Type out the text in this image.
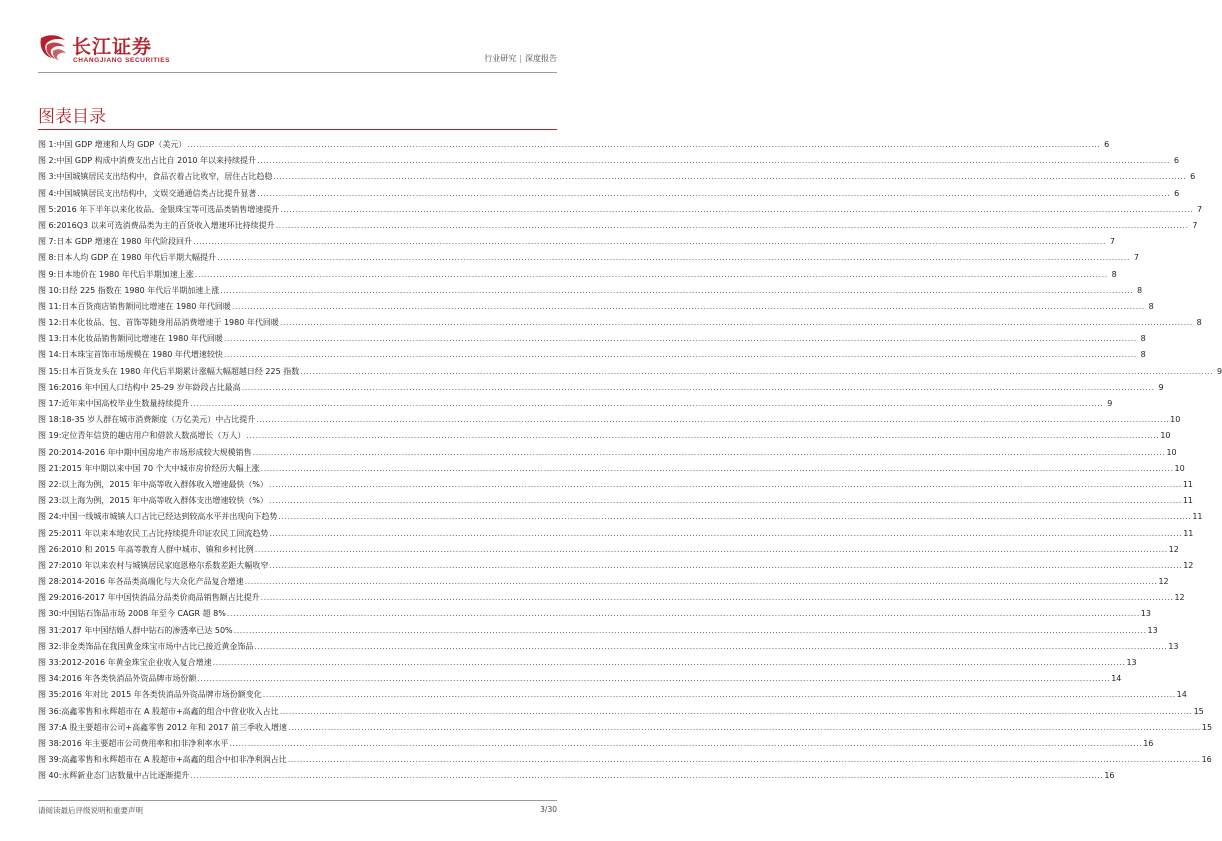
长江证券
CHANGJIANG SECURITIES	行业研究 | 深度报告
图表目录
图 1: 中国 GDP 增速和人均 GDP（美元） ............................................................................................................................................................................................................................................................................................................ 6
图 2: 中国 GDP 构成中消费支出占比自 2010 年以来持续提升 ............................................................................................................................................................................................................................................................................................................ 6
图 3: 中国城镇居民支出结构中，食品衣着占比收窄，居住占比趋稳 ............................................................................................................................................................................................................................................................................................................ 6
图 4: 中国城镇居民支出结构中，文娱交通通信类占比提升显著 ............................................................................................................................................................................................................................................................................................................ 6
图 5: 2016 年下半年以来化妆品、金银珠宝等可选品类销售增速提升 ............................................................................................................................................................................................................................................................................................................ 7
图 6: 2016Q3 以来可选消费品类为主的百货收入增速环比持续提升 ............................................................................................................................................................................................................................................................................................................ 7
图 7: 日本 GDP 增速在 1980 年代阶段回升 ............................................................................................................................................................................................................................................................................................................ 7
图 8: 日本人均 GDP 在 1980 年代后半期大幅提升 ............................................................................................................................................................................................................................................................................................................ 7
图 9: 日本地价在 1980 年代后半期加速上涨 ............................................................................................................................................................................................................................................................................................................ 8
图 10: 日经 225 指数在 1980 年代后半期加速上涨 ............................................................................................................................................................................................................................................................................................................ 8
图 11: 日本百货商店销售额同比增速在 1980 年代回暖 ............................................................................................................................................................................................................................................................................................................ 8
图 12: 日本化妆品、包、首饰等随身用品消费增速于 1980 年代回暖 ............................................................................................................................................................................................................................................................................................................ 8
图 13: 日本化妆品销售额同比增速在 1980 年代回暖 ............................................................................................................................................................................................................................................................................................................ 8
图 14: 日本珠宝首饰市场规模在 1980 年代增速较快 ............................................................................................................................................................................................................................................................................................................ 8
图 15: 日本百货龙头在 1980 年代后半期累计涨幅大幅超越日经 225 指数 ............................................................................................................................................................................................................................................................................................................ 9
图 16: 2016 年中国人口结构中 25-29 岁年龄段占比最高 ............................................................................................................................................................................................................................................................................................................ 9
图 17: 近年来中国高校毕业生数量持续提升 ............................................................................................................................................................................................................................................................................................................ 9
图 18: 18-35 岁人群在城市消费额度（万亿美元）中占比提升 ............................................................................................................................................................................................................................................................................................................ 10
图 19: 定位青年信贷的趣店用户和借款人数高增长（万人） ............................................................................................................................................................................................................................................................................................................ 10
图 20: 2014-2016 年中期中国房地产市场形成较大规模销售 ............................................................................................................................................................................................................................................................................................................ 10
图 21: 2015 年中期以来中国 70 个大中城市房价经历大幅上涨 ............................................................................................................................................................................................................................................................................................................ 10
图 22: 以上海为例，2015 年中高等收入群体收入增速最快（%） ............................................................................................................................................................................................................................................................................................................ 11
图 23: 以上海为例，2015 年中高等收入群体支出增速较快（%） ............................................................................................................................................................................................................................................................................................................ 11
图 24: 中国一线城市城镇人口占比已经达到较高水平并出现向下趋势 ............................................................................................................................................................................................................................................................................................................ 11
图 25: 2011 年以来本地农民工占比持续提升印证农民工回流趋势 ............................................................................................................................................................................................................................................................................................................ 11
图 26: 2010 和 2015 年高等教育人群中城市、镇和乡村比例 ............................................................................................................................................................................................................................................................................................................ 12
图 27: 2010 年以来农村与城镇居民家庭恩格尔系数差距大幅收窄 ............................................................................................................................................................................................................................................................................................................ 12
图 28: 2014-2016 年各品类高端化与大众化产品复合增速 ............................................................................................................................................................................................................................................................................................................ 12
图 29: 2016-2017 年中国快消品分品类价商品销售额占比提升 ............................................................................................................................................................................................................................................................................................................ 12
图 30: 中国钻石饰品市场 2008 年至今 CAGR 超 8% ............................................................................................................................................................................................................................................................................................................ 13
图 31: 2017 年中国结婚人群中钻石的渗透率已达 50% ............................................................................................................................................................................................................................................................................................................ 13
图 32: 非金类饰品在我国黄金珠宝市场中占比已接近黄金饰品 ............................................................................................................................................................................................................................................................................................................ 13
图 33: 2012-2016 年黄金珠宝企业收入复合增速 ............................................................................................................................................................................................................................................................................................................ 13
图 34: 2016 年各类快消品外资品牌市场份额 ............................................................................................................................................................................................................................................................................................................ 14
图 35: 2016 年对比 2015 年各类快消品外资品牌市场份额变化 ............................................................................................................................................................................................................................................................................................................ 14
图 36: 高鑫零售和永辉超市在 A 股超市+高鑫的组合中营业收入占比 ............................................................................................................................................................................................................................................................................................................ 15
图 37: A 股主要超市公司+高鑫零售 2012 年和 2017 前三季收入增速 ............................................................................................................................................................................................................................................................................................................ 15
图 38: 2016 年主要超市公司费用率和扣非净利率水平 ............................................................................................................................................................................................................................................................................................................ 16
图 39: 高鑫零售和永辉超市在 A 股超市+高鑫的组合中扣非净利润占比 ............................................................................................................................................................................................................................................................................................................ 16
图 40: 永辉新业态门店数量中占比逐渐提升 ............................................................................................................................................................................................................................................................................................................ 16
请阅读最后评级说明和重要声明	3/30
